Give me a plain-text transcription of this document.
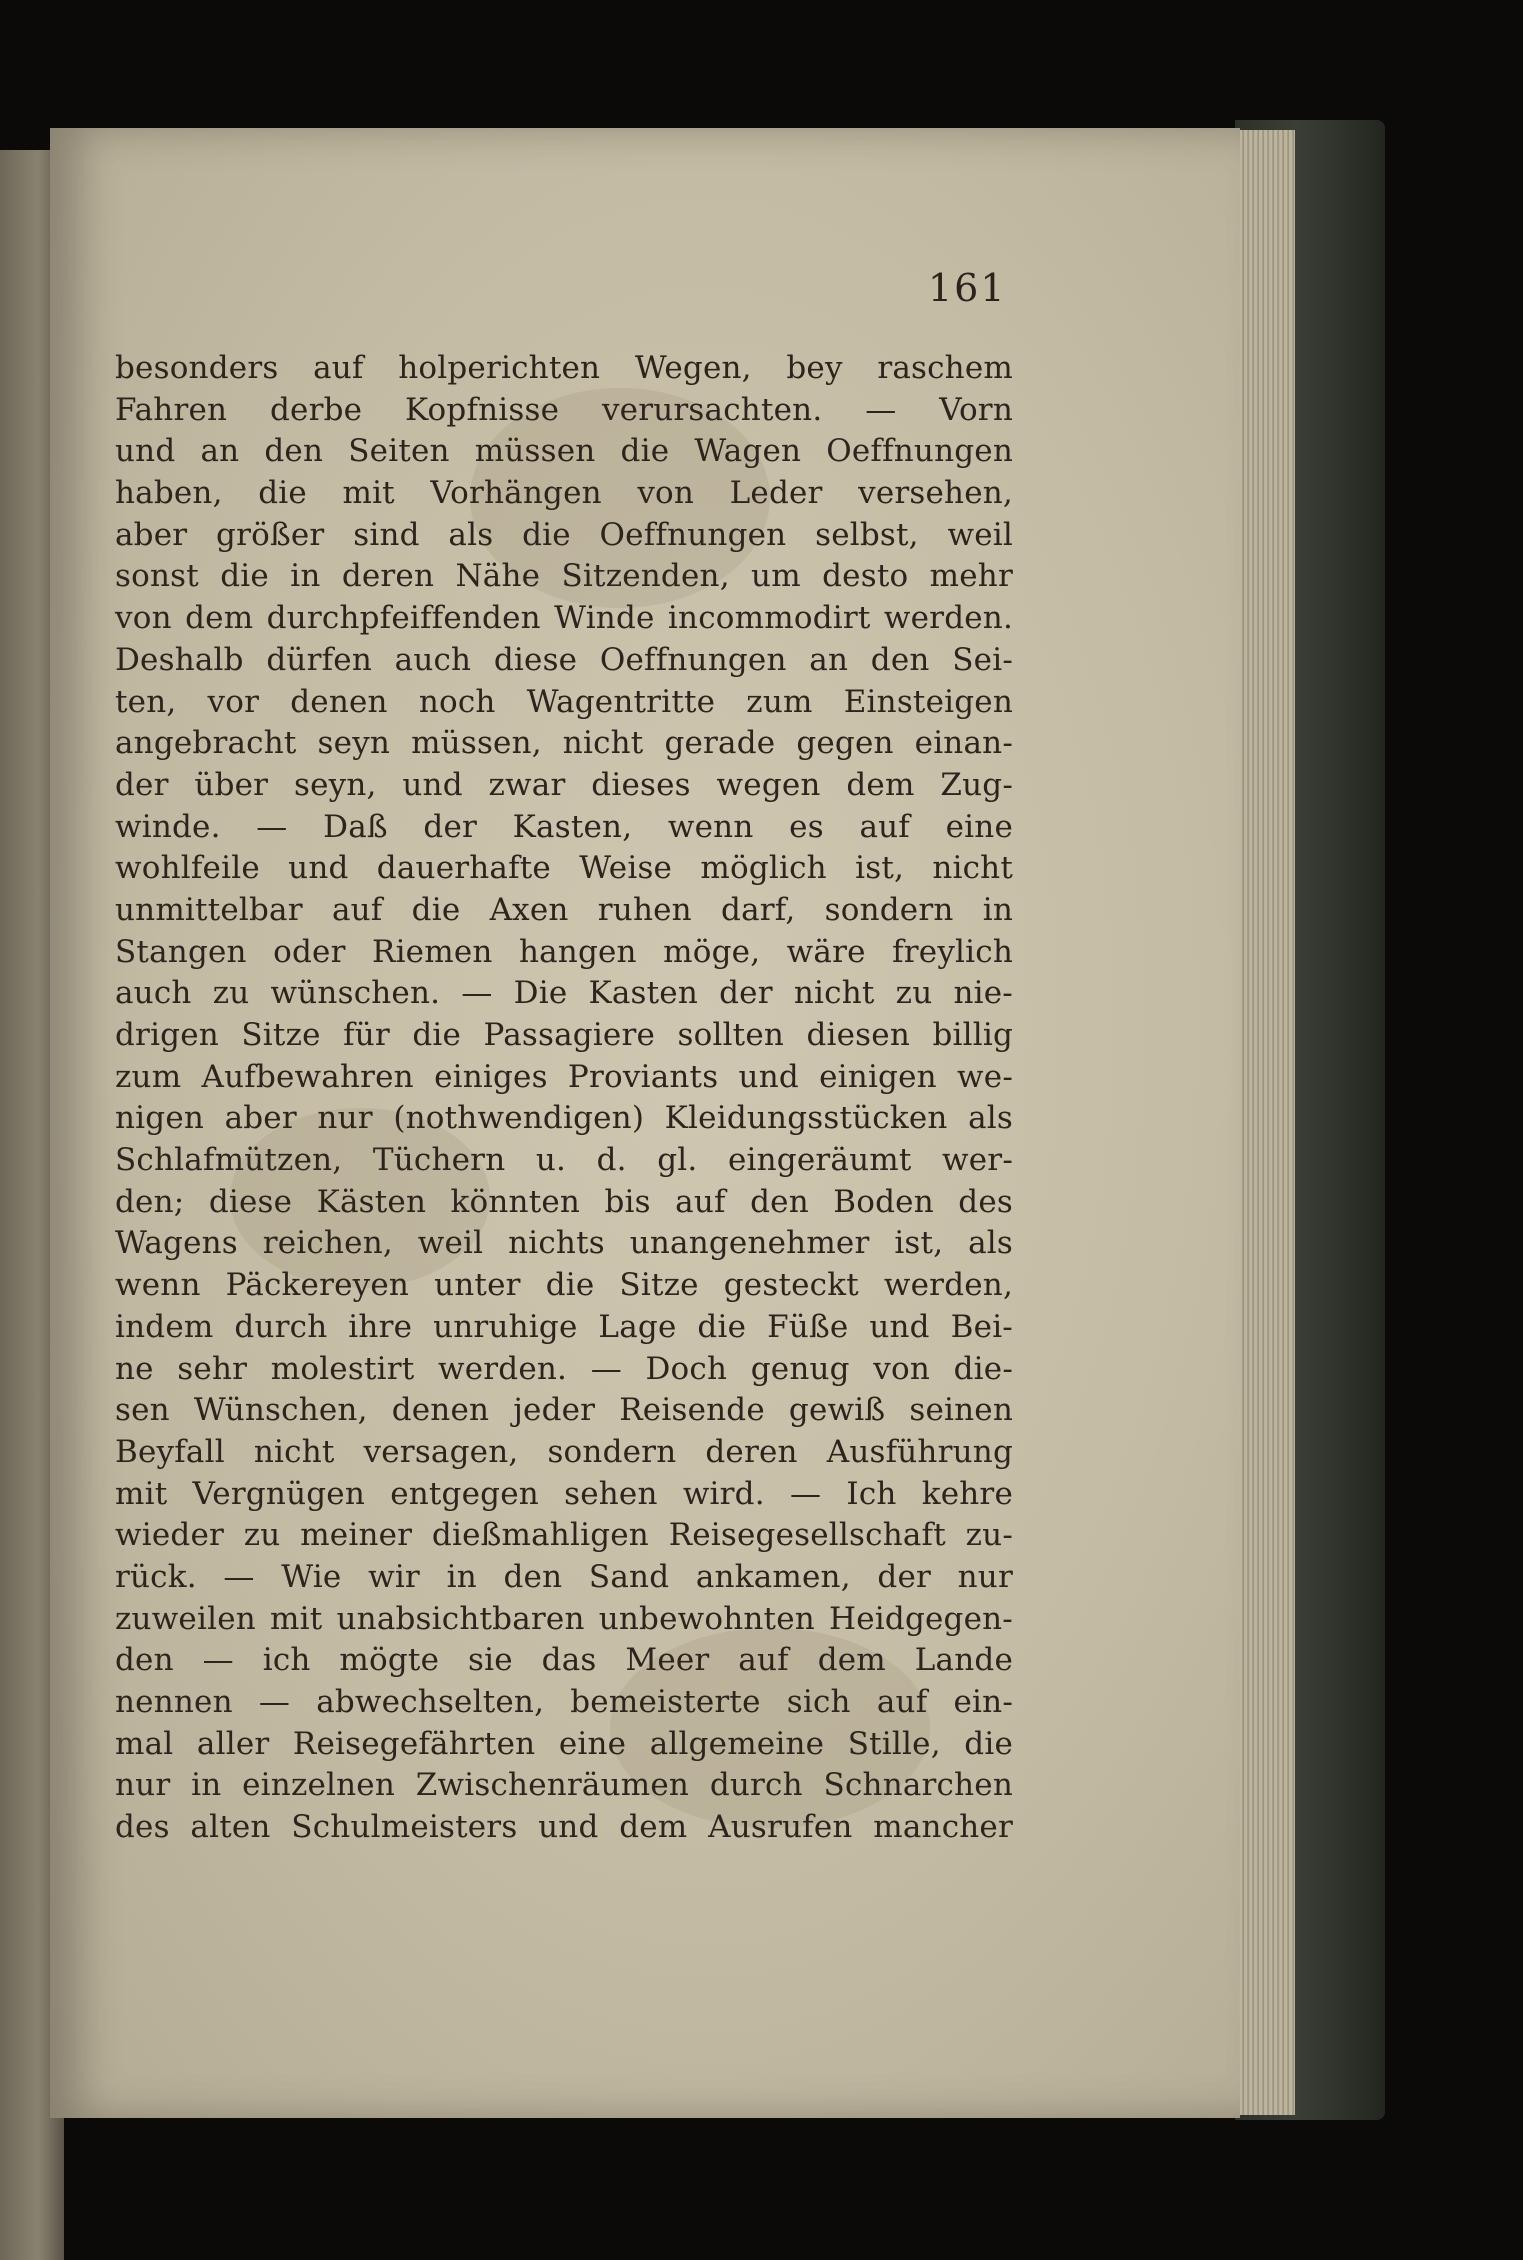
161
besonders auf holperichten Wegen, bey raschem
Fahren derbe Kopfnisse verursachten. — Vorn
und an den Seiten müssen die Wagen Oeffnungen
haben, die mit Vorhängen von Leder versehen,
aber größer sind als die Oeffnungen selbst, weil
sonst die in deren Nähe Sitzenden, um desto mehr
von dem durchpfeiffenden Winde incommodirt werden.
Deshalb dürfen auch diese Oeffnungen an den Sei-
ten, vor denen noch Wagentritte zum Einsteigen
angebracht seyn müssen, nicht gerade gegen einan-
der über seyn, und zwar dieses wegen dem Zug-
winde. — Daß der Kasten, wenn es auf eine
wohlfeile und dauerhafte Weise möglich ist, nicht
unmittelbar auf die Axen ruhen darf, sondern in
Stangen oder Riemen hangen möge, wäre freylich
auch zu wünschen. — Die Kasten der nicht zu nie-
drigen Sitze für die Passagiere sollten diesen billig
zum Aufbewahren einiges Proviants und einigen we-
nigen aber nur (nothwendigen) Kleidungsstücken als
Schlafmützen, Tüchern u. d. gl. eingeräumt wer-
den; diese Kästen könnten bis auf den Boden des
Wagens reichen, weil nichts unangenehmer ist, als
wenn Päckereyen unter die Sitze gesteckt werden,
indem durch ihre unruhige Lage die Füße und Bei-
ne sehr molestirt werden. — Doch genug von die-
sen Wünschen, denen jeder Reisende gewiß seinen
Beyfall nicht versagen, sondern deren Ausführung
mit Vergnügen entgegen sehen wird. — Ich kehre
wieder zu meiner dießmahligen Reisegesellschaft zu-
rück. — Wie wir in den Sand ankamen, der nur
zuweilen mit unabsichtbaren unbewohnten Heidgegen-
den — ich mögte sie das Meer auf dem Lande
nennen — abwechselten, bemeisterte sich auf ein-
mal aller Reisegefährten eine allgemeine Stille, die
nur in einzelnen Zwischenräumen durch Schnarchen
des alten Schulmeisters und dem Ausrufen mancher
